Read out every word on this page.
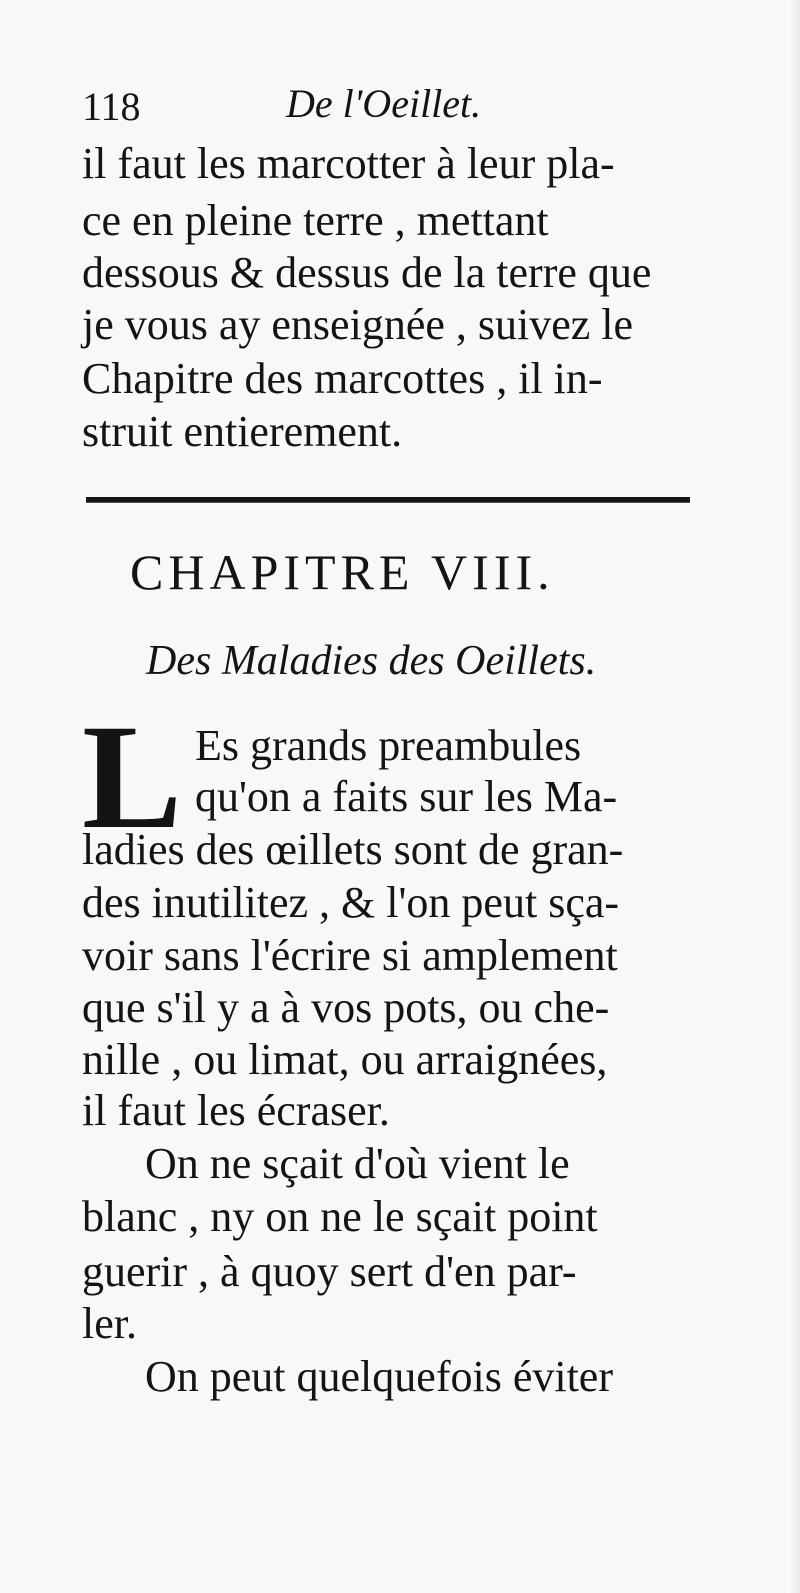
118	De l'Oeillet.
il faut les marcotter à leur pla-
ce en pleine terre , mettant
dessous & dessus de la terre que
je vous ay enseignée , suivez le
Chapitre des marcottes , il in-
struit entierement.
CHAPITRE VIII.
Des Maladies des Oeillets.
L Es grands preambules
qu'on a faits sur les Ma-
ladies des œillets sont de gran-
des inutilitez , & l'on peut sça-
voir sans l'écrire si amplement
que s'il y a à vos pots, ou che-
nille , ou limat, ou arraignées,
il faut les écraser.
On ne sçait d'où vient le
blanc , ny on ne le sçait point
guerir , à quoy sert d'en par-
ler.
On peut quelquefois éviter
